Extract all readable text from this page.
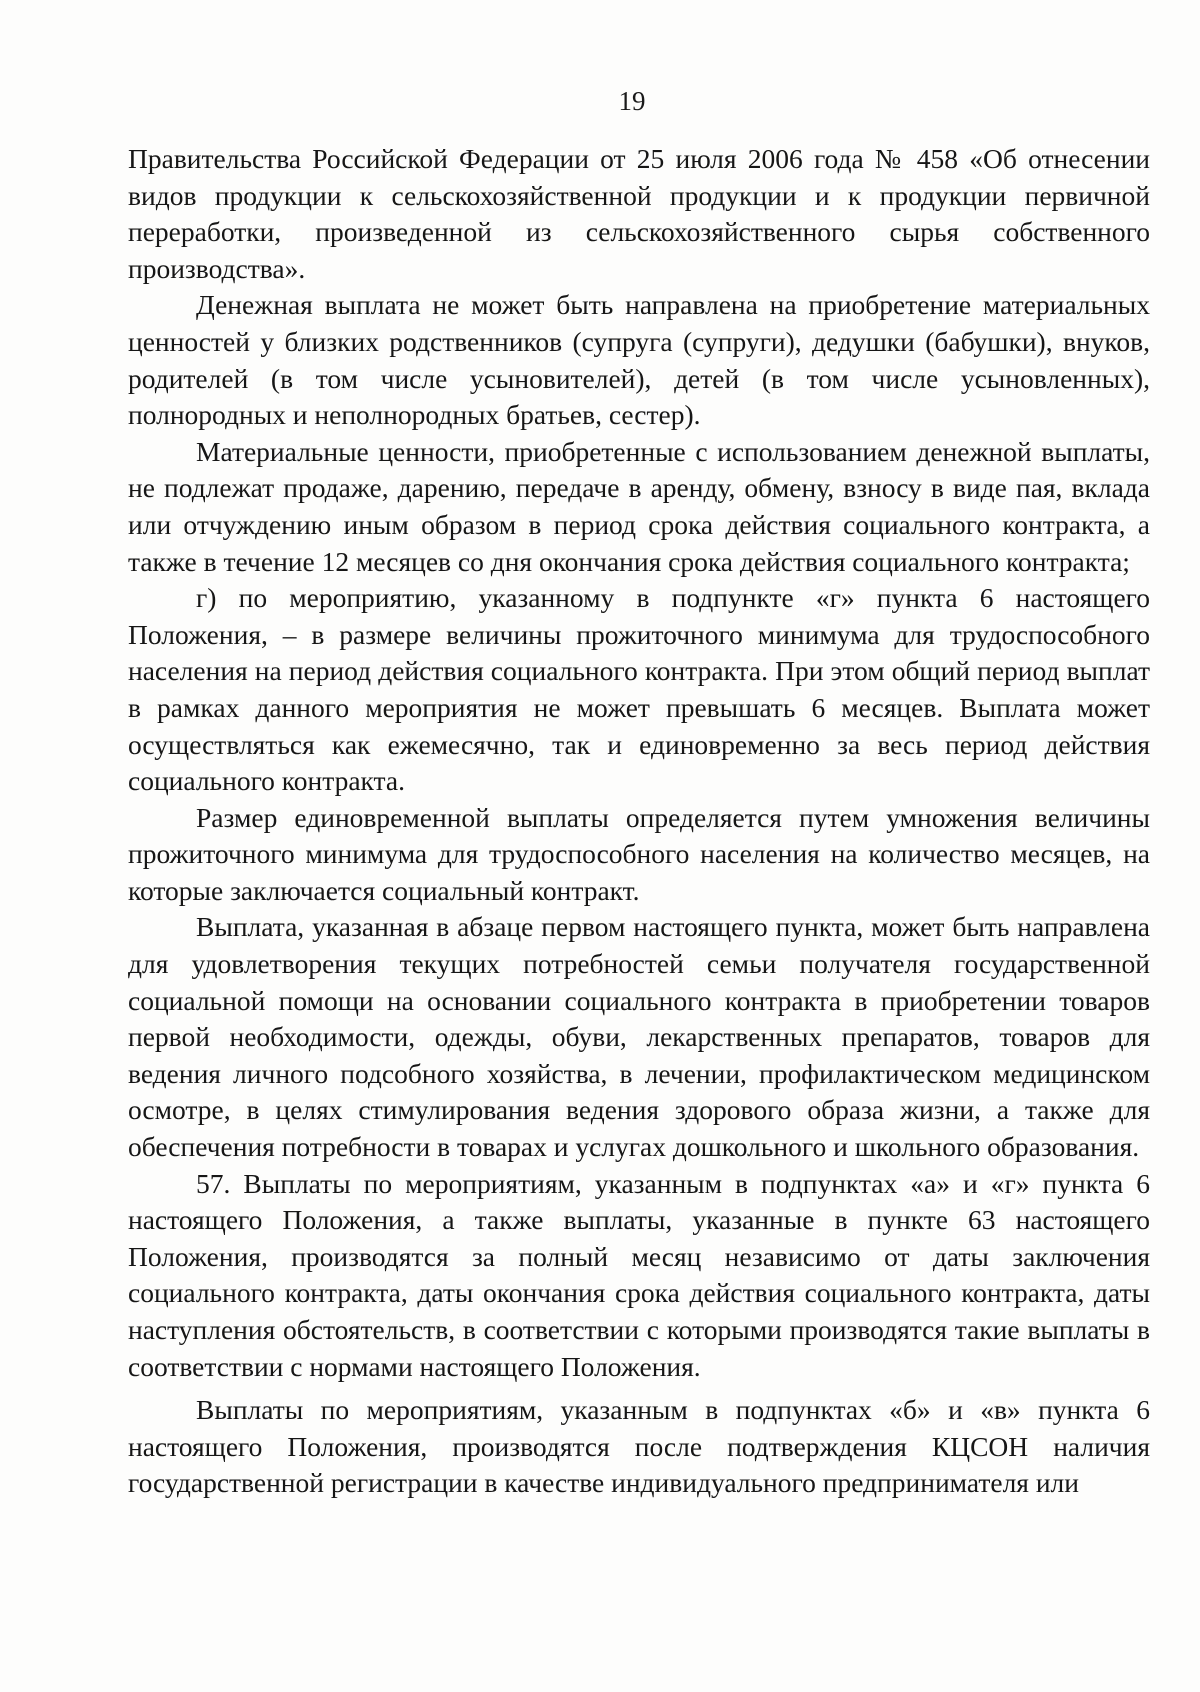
19

Правительства Российской Федерации от 25 июля 2006 года № 458 «Об отнесении видов продукции к сельскохозяйственной продукции и к продукции первичной переработки, произведенной из сельскохозяйственного сырья собственного производства».

Денежная выплата не может быть направлена на приобретение материальных ценностей у близких родственников (супруга (супруги), дедушки (бабушки), внуков, родителей (в том числе усыновителей), детей (в том числе усыновленных), полнородных и неполнородных братьев, сестер).

Материальные ценности, приобретенные с использованием денежной выплаты, не подлежат продаже, дарению, передаче в аренду, обмену, взносу в виде пая, вклада или отчуждению иным образом в период срока действия социального контракта, а также в течение 12 месяцев со дня окончания срока действия социального контракта;

г) по мероприятию, указанному в подпункте «г» пункта 6 настоящего Положения, – в размере величины прожиточного минимума для трудоспособного населения на период действия социального контракта. При этом общий период выплат в рамках данного мероприятия не может превышать 6 месяцев. Выплата может осуществляться как ежемесячно, так и единовременно за весь период действия социального контракта.

Размер единовременной выплаты определяется путем умножения величины прожиточного минимума для трудоспособного населения на количество месяцев, на которые заключается социальный контракт.

Выплата, указанная в абзаце первом настоящего пункта, может быть направлена для удовлетворения текущих потребностей семьи получателя государственной социальной помощи на основании социального контракта в приобретении товаров первой необходимости, одежды, обуви, лекарственных препаратов, товаров для ведения личного подсобного хозяйства, в лечении, профилактическом медицинском осмотре, в целях стимулирования ведения здорового образа жизни, а также для обеспечения потребности в товарах и услугах дошкольного и школьного образования.

57. Выплаты по мероприятиям, указанным в подпунктах «а» и «г» пункта 6 настоящего Положения, а также выплаты, указанные в пункте 63 настоящего Положения, производятся за полный месяц независимо от даты заключения социального контракта, даты окончания срока действия социального контракта, даты наступления обстоятельств, в соответствии с которыми производятся такие выплаты в соответствии с нормами настоящего Положения.

Выплаты по мероприятиям, указанным в подпунктах «б» и «в» пункта 6 настоящего Положения, производятся после подтверждения КЦСОН наличия государственной регистрации в качестве индивидуального предпринимателя или
